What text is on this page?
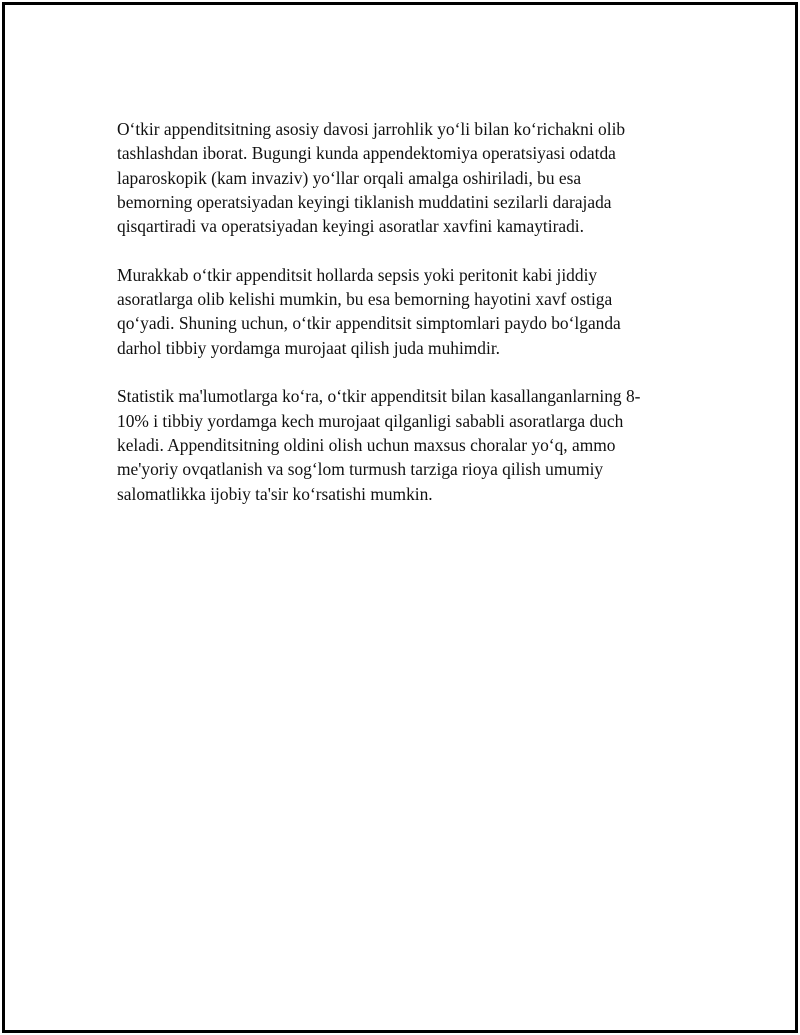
O‘tkir appenditsitning asosiy davosi jarrohlik yo‘li bilan ko‘richakni olib
tashlashdan iborat. Bugungi kunda appendektomiya operatsiyasi odatda
laparoskopik (kam invaziv) yo‘llar orqali amalga oshiriladi, bu esa
bemorning operatsiyadan keyingi tiklanish muddatini sezilarli darajada
qisqartiradi va operatsiyadan keyingi asoratlar xavfini kamaytiradi.

Murakkab o‘tkir appenditsit hollarda sepsis yoki peritonit kabi jiddiy
asoratlarga olib kelishi mumkin, bu esa bemorning hayotini xavf ostiga
qo‘yadi. Shuning uchun, o‘tkir appenditsit simptomlari paydo bo‘lganda
darhol tibbiy yordamga murojaat qilish juda muhimdir.

Statistik ma'lumotlarga ko‘ra, o‘tkir appenditsit bilan kasallanganlarning 8-
10% i tibbiy yordamga kech murojaat qilganligi sababli asoratlarga duch
keladi. Appenditsitning oldini olish uchun maxsus choralar yo‘q, ammo
me'yoriy ovqatlanish va sog‘lom turmush tarziga rioya qilish umumiy
salomatlikka ijobiy ta'sir ko‘rsatishi mumkin.
